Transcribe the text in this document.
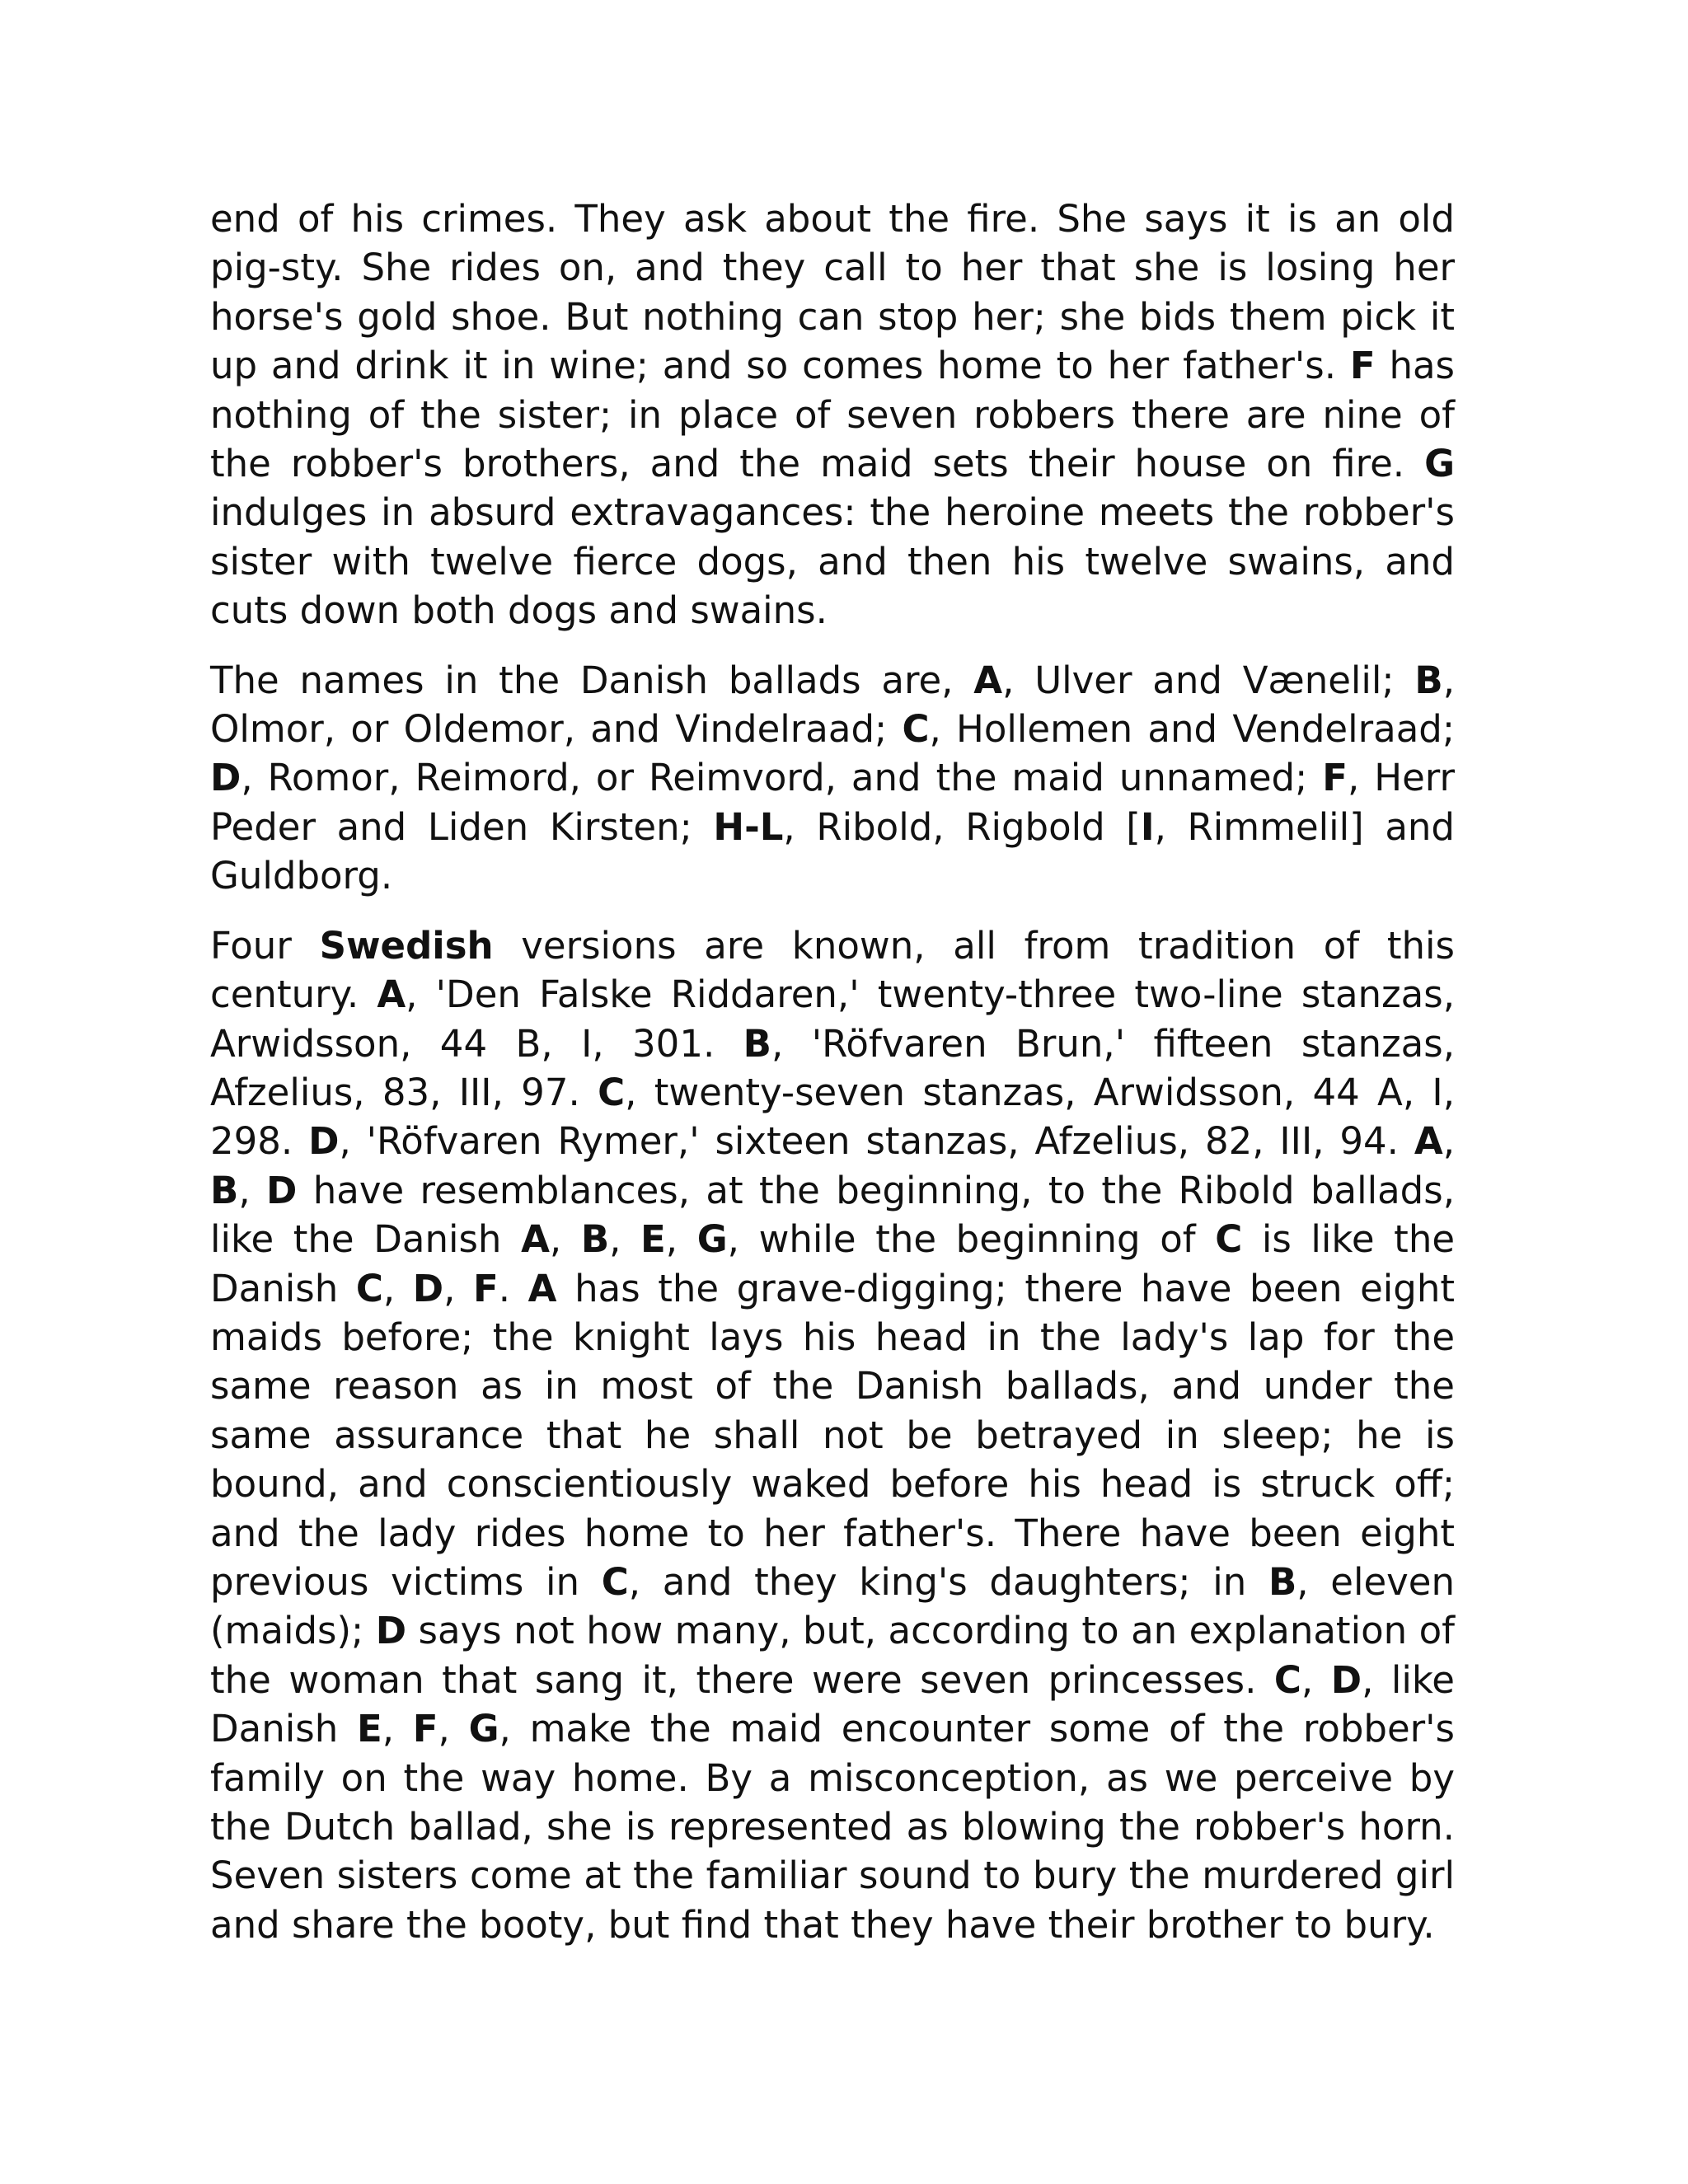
end of his crimes. They ask about the fire. She says it is an old pig-sty. She rides on, and they call to her that she is losing her horse's gold shoe. But nothing can stop her; she bids them pick it up and drink it in wine; and so comes home to her father's. F has nothing of the sister; in place of seven robbers there are nine of the robber's brothers, and the maid sets their house on fire. G indulges in absurd extravagances: the heroine meets the robber's sister with twelve fierce dogs, and then his twelve swains, and cuts down both dogs and swains.

The names in the Danish ballads are, A, Ulver and Vænelil; B, Olmor, or Oldemor, and Vindelraad; C, Hollemen and Vendelraad; D, Romor, Reimord, or Reimvord, and the maid unnamed; F, Herr Peder and Liden Kirsten; H-L, Ribold, Rigbold [I, Rimmelil] and Guldborg.

Four Swedish versions are known, all from tradition of this century. A, 'Den Falske Riddaren,' twenty-three two-line stanzas, Arwidsson, 44 B, I, 301. B, 'Röfvaren Brun,' fifteen stanzas, Afzelius, 83, III, 97. C, twenty-seven stanzas, Arwidsson, 44 A, I, 298. D, 'Röfvaren Rymer,' sixteen stanzas, Afzelius, 82, III, 94. A, B, D have resemblances, at the beginning, to the Ribold ballads, like the Danish A, B, E, G, while the beginning of C is like the Danish C, D, F. A has the grave-digging; there have been eight maids before; the knight lays his head in the lady's lap for the same reason as in most of the Danish ballads, and under the same assurance that he shall not be betrayed in sleep; he is bound, and conscientiously waked before his head is struck off; and the lady rides home to her father's. There have been eight previous victims in C, and they king's daughters; in B, eleven (maids); D says not how many, but, according to an explanation of the woman that sang it, there were seven princesses. C, D, like Danish E, F, G, make the maid encounter some of the robber's family on the way home. By a misconception, as we perceive by the Dutch ballad, she is represented as blowing the robber's horn. Seven sisters come at the familiar sound to bury the murdered girl and share the booty, but find that they have their brother to bury.
